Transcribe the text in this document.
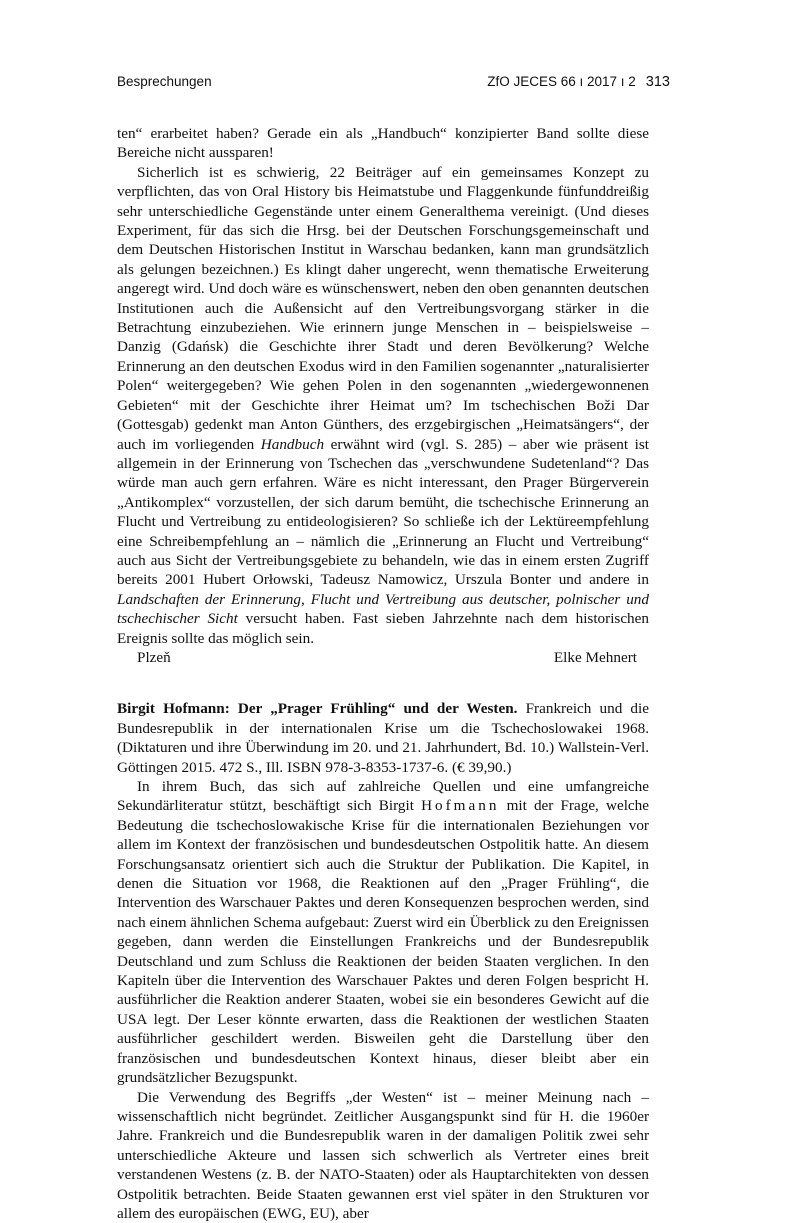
Besprechungen	ZfO JECES 66 ı 2017 ı 2 313

ten“ erarbeitet haben? Gerade ein als „Handbuch“ konzipierter Band sollte diese Bereiche nicht aussparen!

Sicherlich ist es schwierig, 22 Beiträger auf ein gemeinsames Konzept zu verpflichten, das von Oral History bis Heimatstube und Flaggenkunde fünfunddreißig sehr unterschiedliche Gegenstände unter einem Generalthema vereinigt. (Und dieses Experiment, für das sich die Hrsg. bei der Deutschen Forschungsgemeinschaft und dem Deutschen Historischen Institut in Warschau bedanken, kann man grundsätzlich als gelungen bezeichnen.) Es klingt daher ungerecht, wenn thematische Erweiterung angeregt wird. Und doch wäre es wünschenswert, neben den oben genannten deutschen Institutionen auch die Außensicht auf den Vertreibungsvorgang stärker in die Betrachtung einzubeziehen. Wie erinnern junge Menschen in – beispielsweise – Danzig (Gdańsk) die Geschichte ihrer Stadt und deren Bevölkerung? Welche Erinnerung an den deutschen Exodus wird in den Familien sogenannter „naturalisierter Polen“ weitergegeben? Wie gehen Polen in den sogenannten „wiedergewonnenen Gebieten“ mit der Geschichte ihrer Heimat um? Im tschechischen Boži Dar (Gottesgab) gedenkt man Anton Günthers, des erzgebirgischen „Heimatsängers“, der auch im vorliegenden Handbuch erwähnt wird (vgl. S. 285) – aber wie präsent ist allgemein in der Erinnerung von Tschechen das „verschwundene Sudetenland“? Das würde man auch gern erfahren. Wäre es nicht interessant, den Prager Bürgerverein „Antikomplex“ vorzustellen, der sich darum bemüht, die tschechische Erinnerung an Flucht und Vertreibung zu entideologisieren? So schließe ich der Lektüreempfehlung eine Schreibempfehlung an – nämlich die „Erinnerung an Flucht und Vertreibung“ auch aus Sicht der Vertreibungsgebiete zu behandeln, wie das in einem ersten Zugriff bereits 2001 Hubert Orłowski, Tadeusz Namowicz, Urszula Bonter und andere in Landschaften der Erinnerung, Flucht und Vertreibung aus deutscher, polnischer und tschechischer Sicht versucht haben. Fast sieben Jahrzehnte nach dem historischen Ereignis sollte das möglich sein.

Plzeň	Elke Mehnert

Birgit Hofmann: Der „Prager Frühling“ und der Westen. Frankreich und die Bundesrepublik in der internationalen Krise um die Tschechoslowakei 1968. (Diktaturen und ihre Überwindung im 20. und 21. Jahrhundert, Bd. 10.) Wallstein-Verl. Göttingen 2015. 472 S., Ill. ISBN 978-3-8353-1737-6. (€ 39,90.)

In ihrem Buch, das sich auf zahlreiche Quellen und eine umfangreiche Sekundärliteratur stützt, beschäftigt sich Birgit Hofmann mit der Frage, welche Bedeutung die tschechoslowakische Krise für die internationalen Beziehungen vor allem im Kontext der französischen und bundesdeutschen Ostpolitik hatte. An diesem Forschungsansatz orientiert sich auch die Struktur der Publikation. Die Kapitel, in denen die Situation vor 1968, die Reaktionen auf den „Prager Frühling“, die Intervention des Warschauer Paktes und deren Konsequenzen besprochen werden, sind nach einem ähnlichen Schema aufgebaut: Zuerst wird ein Überblick zu den Ereignissen gegeben, dann werden die Einstellungen Frankreichs und der Bundesrepublik Deutschland und zum Schluss die Reaktionen der beiden Staaten verglichen. In den Kapiteln über die Intervention des Warschauer Paktes und deren Folgen bespricht H. ausführlicher die Reaktion anderer Staaten, wobei sie ein besonderes Gewicht auf die USA legt. Der Leser könnte erwarten, dass die Reaktionen der westlichen Staaten ausführlicher geschildert werden. Bisweilen geht die Darstellung über den französischen und bundesdeutschen Kontext hinaus, dieser bleibt aber ein grundsätzlicher Bezugspunkt.

Die Verwendung des Begriffs „der Westen“ ist – meiner Meinung nach – wissenschaftlich nicht begründet. Zeitlicher Ausgangspunkt sind für H. die 1960er Jahre. Frankreich und die Bundesrepublik waren in der damaligen Politik zwei sehr unterschiedliche Akteure und lassen sich schwerlich als Vertreter eines breit verstandenen Westens (z. B. der NATO-Staaten) oder als Hauptarchitekten von dessen Ostpolitik betrachten. Beide Staaten gewannen erst viel später in den Strukturen vor allem des europäischen (EWG, EU), aber
